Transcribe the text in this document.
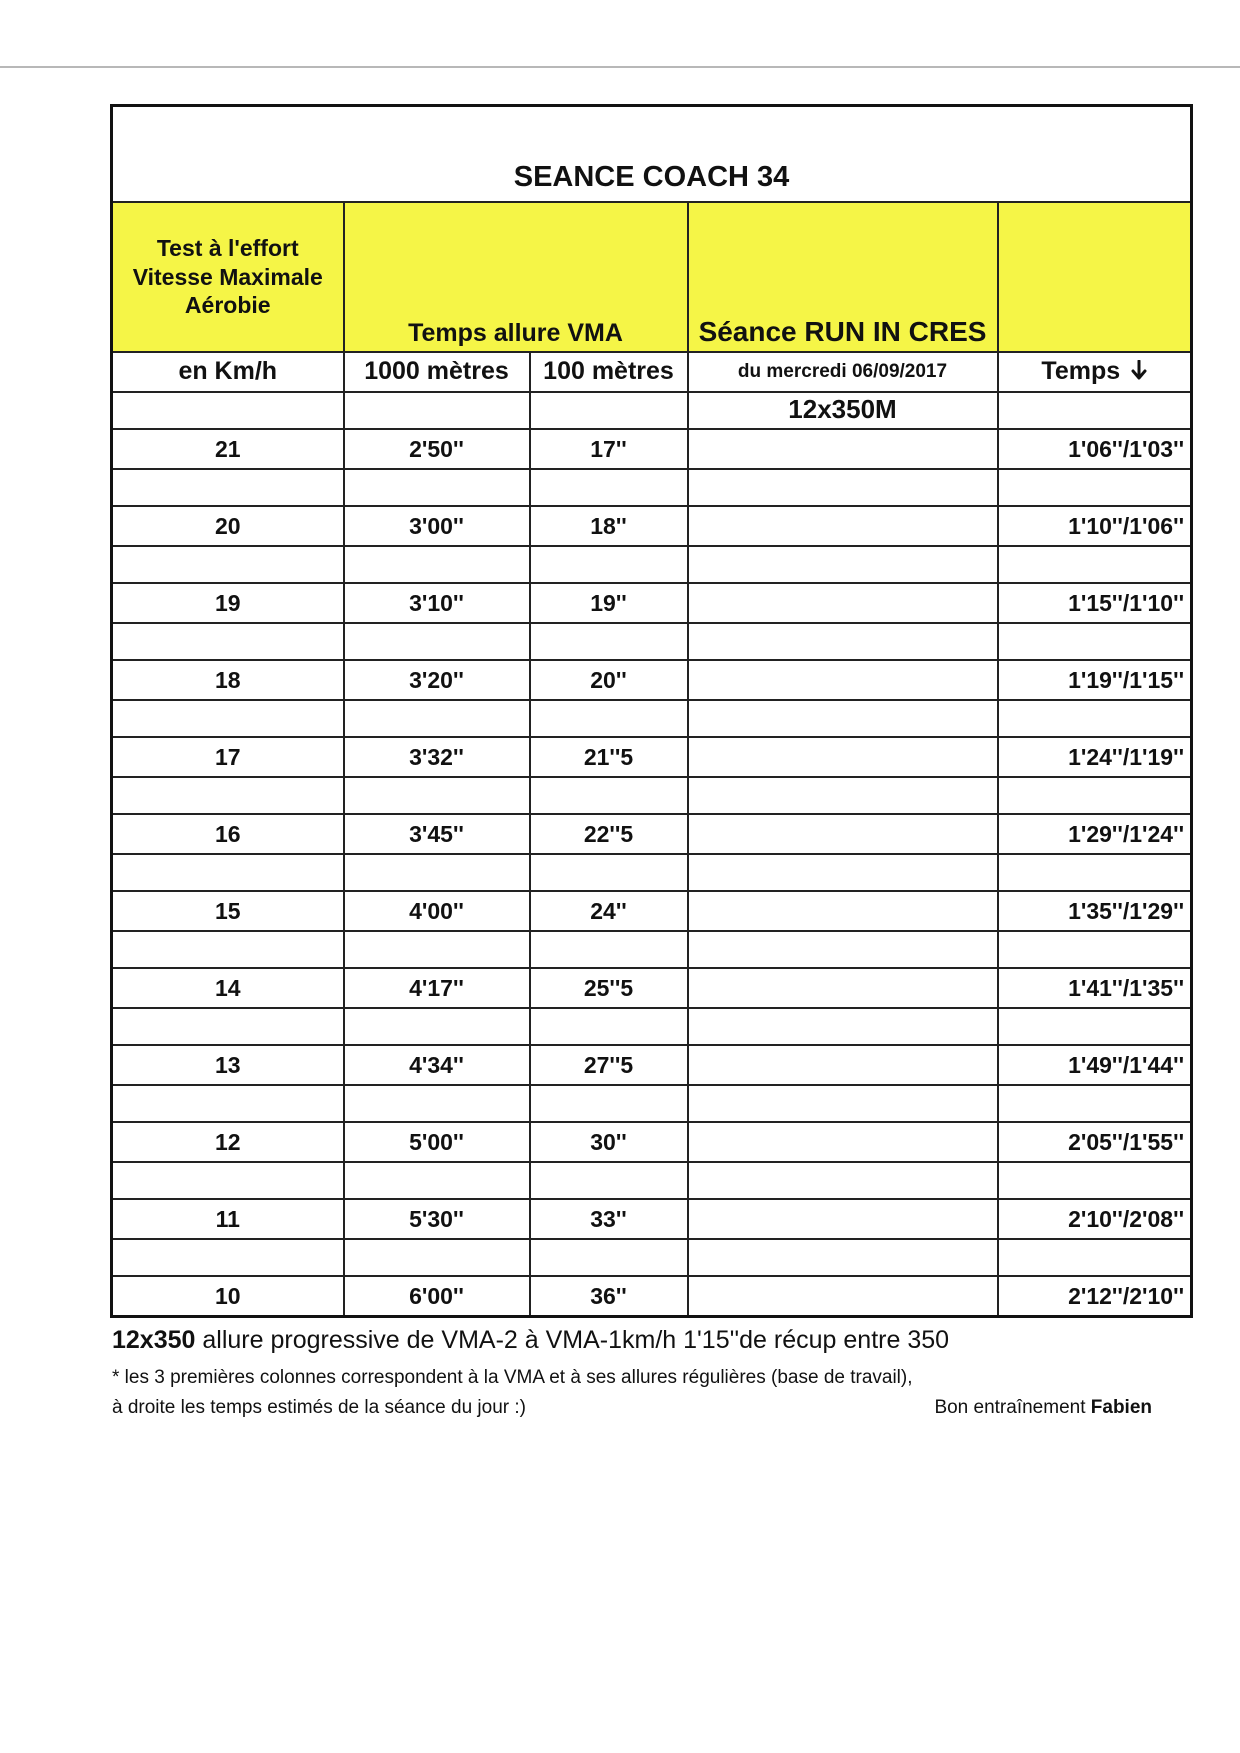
SEANCE COACH 34				

Test à l'effort
Vitesse Maximale
Aérobie	Temps allure VMA		Séance RUN IN CRES	
en Km/h	1000 mètres	100 mètres	du mercredi 06/09/2017	Temps
			12x350M	
21	2'50''	17''		1'06''/1'03''

20	3'00''	18''		1'10''/1'06''

19	3'10''	19''		1'15''/1'10''

18	3'20''	20''		1'19''/1'15''

17	3'32''	21''5		1'24''/1'19''

16	3'45''	22''5		1'29''/1'24''

15	4'00''	24''		1'35''/1'29''

14	4'17''	25''5		1'41''/1'35''

13	4'34''	27''5		1'49''/1'44''

12	5'00''	30''		2'05''/1'55''

11	5'30''	33''		2'10''/2'08''

10	6'00''	36''		2'12''/2'10''

12x350 allure progressive de VMA-2 à VMA-1km/h 1'15''de récup entre 350

* les 3 premières colonnes correspondent à la VMA et à ses allures régulières (base de travail),

à droite les temps estimés de la séance du jour :)	Bon entraînement Fabien
